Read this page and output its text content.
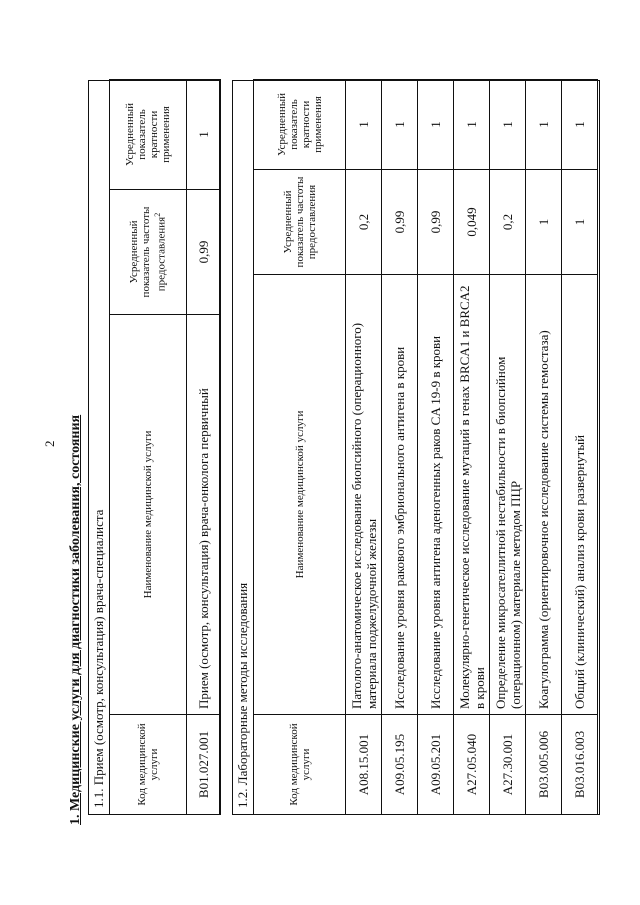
2 1. Медицинские услуги для диагностики заболевания, состояния 1.1. Прием (осмотр, консультация) врача-специалиста	Код медицинской услуги	Наименование медицинской услуги	Усредненный показатель частоты предоставления$^2$	Усредненный показатель кратности применения
B01.027.001	Прием (осмотр, консультация) врача-онколога первичный	0,99	1
1.2. Лабораторные методы исследования	Код медицинской услуги	Наименование медицинской услуги	Усредненный показатель частоты предоставления	Усредненный показатель кратности применения
A08.15.001	Патолого-анатомическое исследование биопсийного (операционного) материала поджелудочной железы	0,2	1
A09.05.195	Исследование уровня ракового эмбрионального антигена в крови	0,99	1
A09.05.201	Исследование уровня антигена аденогенных раков CA 19-9 в крови	0,99	1
A27.05.040	Молекулярно-генетическое исследование мутаций в генах BRCA1 и BRCA2 в крови	0,049	1
A27.30.001	Определение микросателлитной нестабильности в биопсийном (операционном) материале методом ПЦР	0,2	1
B03.005.006	Коагулограмма (ориентировочное исследование системы гемостаза)	1	1
B03.016.003	Общий (клинический) анализ крови развернутый	1	1
